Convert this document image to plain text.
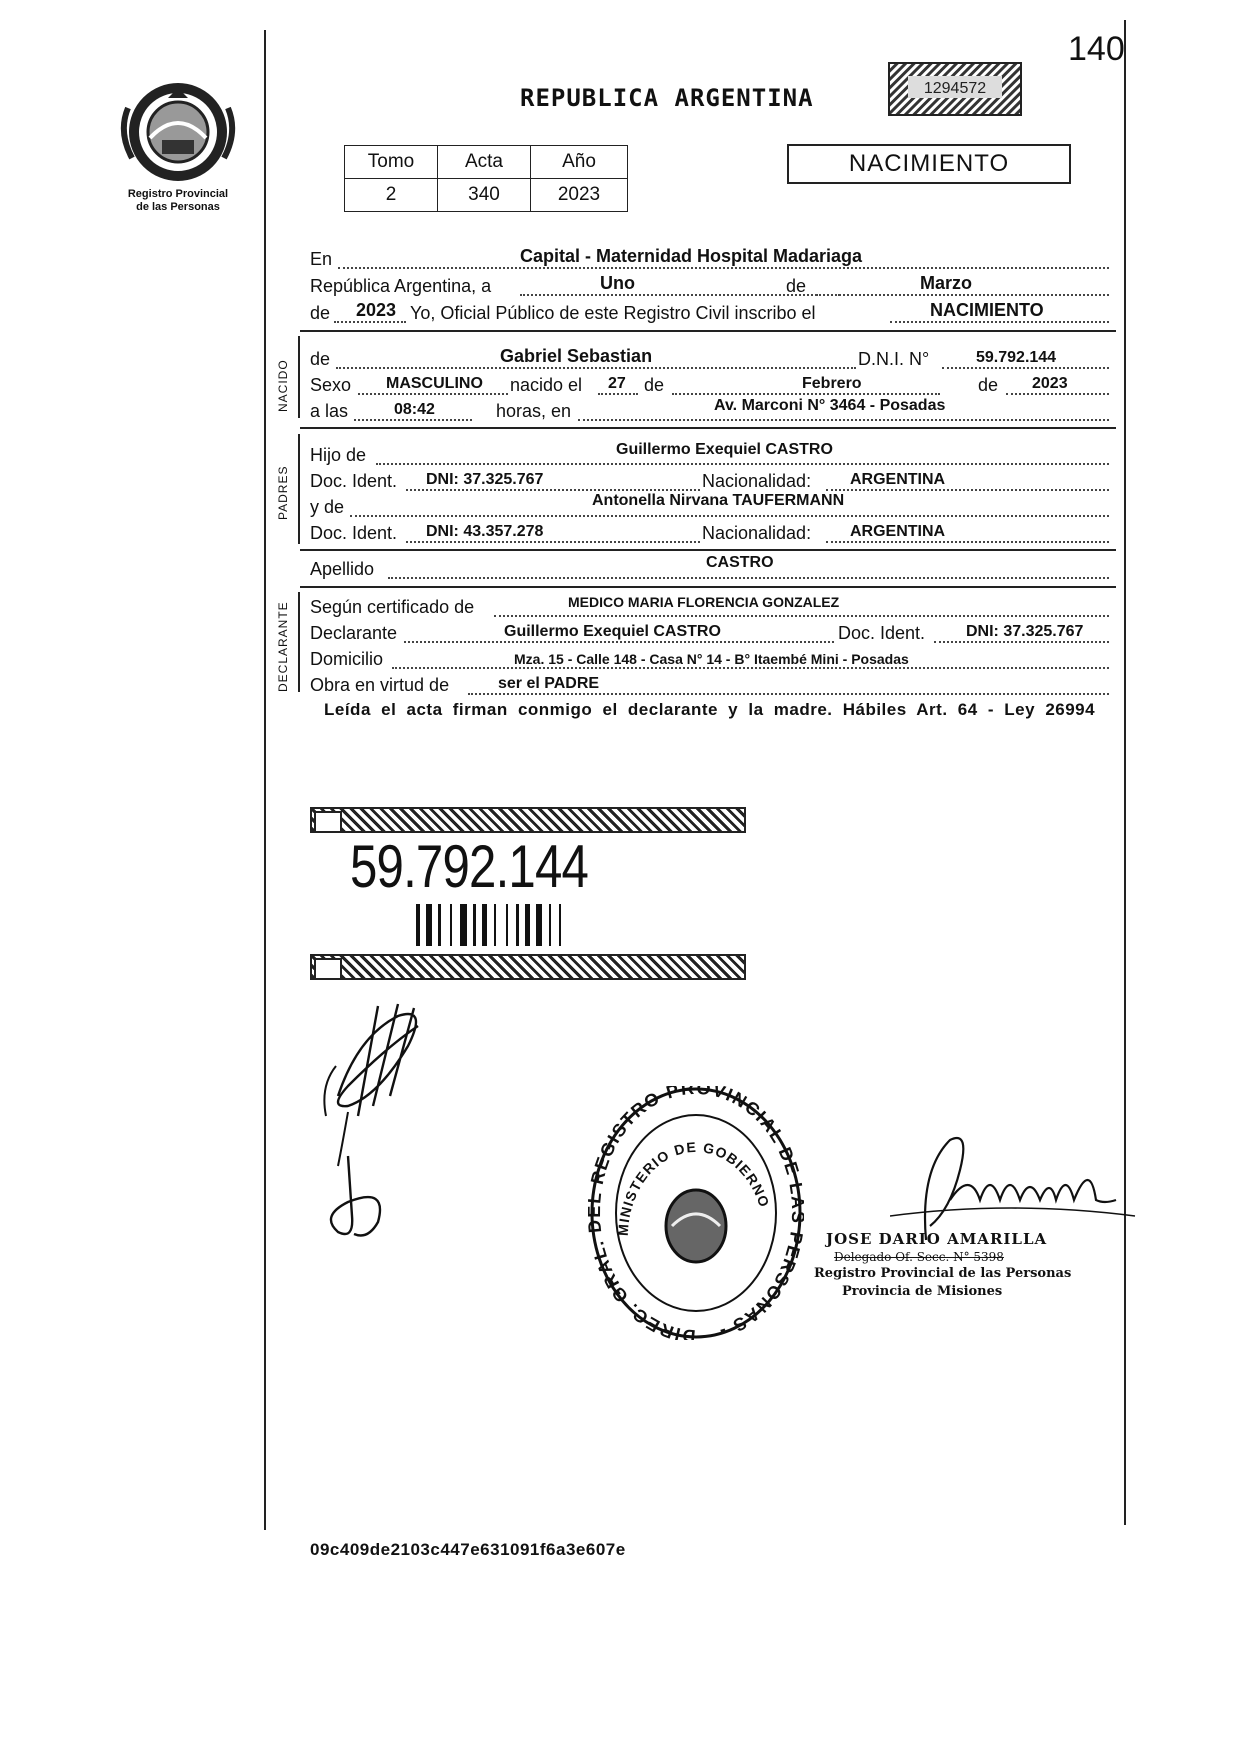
140
Registro Provincial
de las Personas
REPUBLICA ARGENTINA	1294572
Tomo	Acta	Año
2	340	2023
NACIMIENTO
En	Capital - Maternidad Hospital Madariaga
República Argentina, a	Uno	de	Marzo
de 2023 Yo, Oficial Público de este Registro Civil inscribo el	NACIMIENTO
NACIDO
de	Gabriel Sebastian	D.N.I. N°	59.792.144
Sexo MASCULINO nacido el 27 de	Febrero	de 2023
a las	08:42	horas, en	Av. Marconi N° 3464 - Posadas
PADRES
Hijo de	Guillermo Exequiel CASTRO
Doc. Ident. DNI: 37.325.767	Nacionalidad: ARGENTINA
y de	Antonella Nirvana TAUFERMANN
Doc. Ident. DNI: 43.357.278	Nacionalidad: ARGENTINA
Apellido	CASTRO
DECLARANTE Según certificado de	MEDICO MARIA FLORENCIA GONZALEZ
Declarante	Guillermo Exequiel CASTRO	Doc. Ident.	DNI: 37.325.767
Domicilio	Mza. 15 - Calle 148 - Casa N° 14 - B° Itaembé Mini - Posadas
Obra en virtud de	ser el PADRE
Leída el acta firman conmigo el declarante y la madre. Hábiles Art. 64 - Ley 26994
59.792.144
DIREC. GRAL. REGISTRO PROVINCIAL DE ERSONAS -
MINISTERIO DE GOBIERNO
JOSE DARIO AMARILLA
Delegado Of. Secc. N° 5398
Registro Provincial de las Personas
Provincia de Misiones
09c409de2103c447e631091f6a3e607e
